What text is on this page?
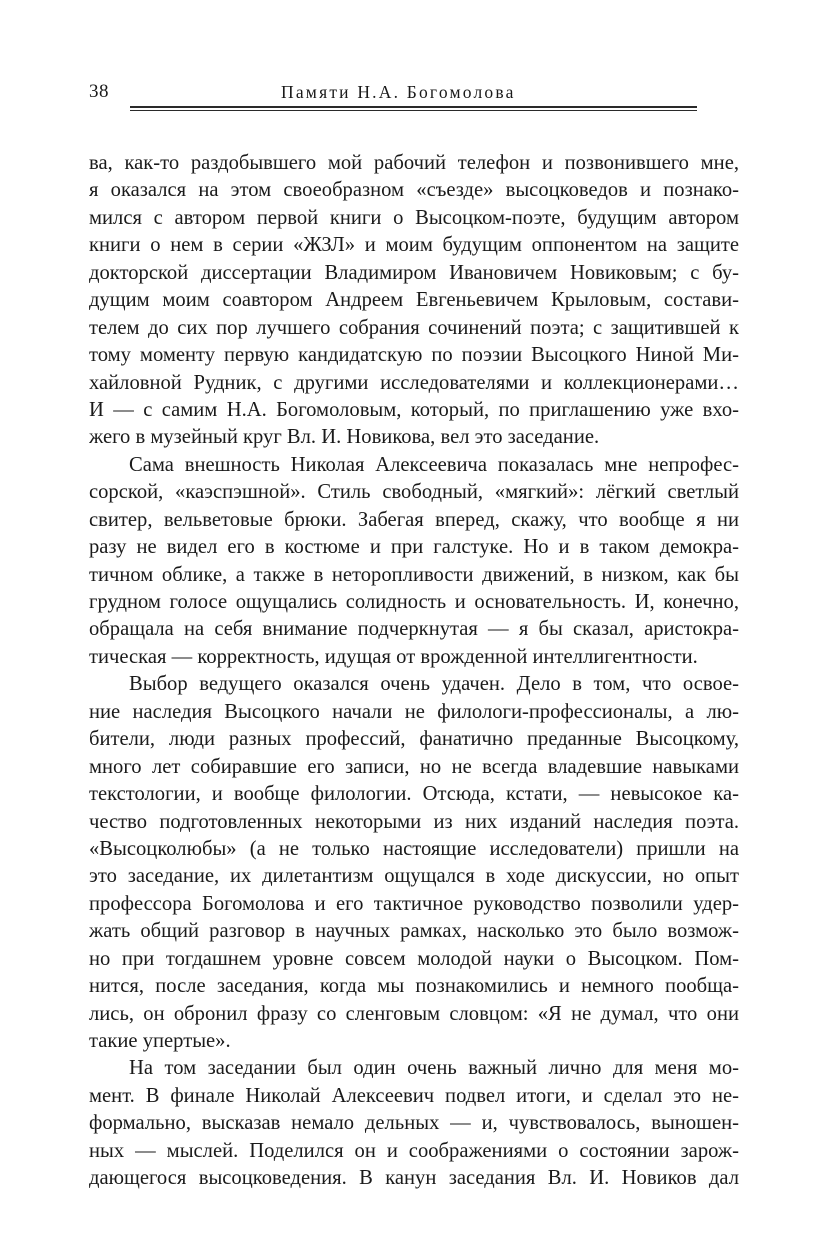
38	Памяти Н.А. Богомолова
ва, как-то раздобывшего мой рабочий телефон и позвонившего мне,
я оказался на этом своеобразном «съезде» высоцковедов и познако-
мился с автором первой книги о Высоцком-поэте, будущим автором
книги о нем в серии «ЖЗЛ» и моим будущим оппонентом на защите
докторской диссертации Владимиром Ивановичем Новиковым; с бу-
дущим моим соавтором Андреем Евгеньевичем Крыловым, состави-
телем до сих пор лучшего собрания сочинений поэта; с защитившей к
тому моменту первую кандидатскую по поэзии Высоцкого Ниной Ми-
хайловной Рудник, с другими исследователями и коллекционерами…
И — с самим Н.А. Богомоловым, который, по приглашению уже вхо-
жего в музейный круг Вл. И. Новикова, вел это заседание.
Сама внешность Николая Алексеевича показалась мне непрофес-
сорской, «каэспэшной». Стиль свободный, «мягкий»: лёгкий светлый
свитер, вельветовые брюки. Забегая вперед, скажу, что вообще я ни
разу не видел его в костюме и при галстуке. Но и в таком демокра-
тичном облике, а также в неторопливости движений, в низком, как бы
грудном голосе ощущались солидность и основательность. И, конечно,
обращала на себя внимание подчеркнутая — я бы сказал, аристокра-
тическая — корректность, идущая от врожденной интеллигентности.
Выбор ведущего оказался очень удачен. Дело в том, что освое-
ние наследия Высоцкого начали не филологи-профессионалы, а лю-
бители, люди разных профессий, фанатично преданные Высоцкому,
много лет собиравшие его записи, но не всегда владевшие навыками
текстологии, и вообще филологии. Отсюда, кстати, — невысокое ка-
чество подготовленных некоторыми из них изданий наследия поэта.
«Высоцколюбы» (а не только настоящие исследователи) пришли на
это заседание, их дилетантизм ощущался в ходе дискуссии, но опыт
профессора Богомолова и его тактичное руководство позволили удер-
жать общий разговор в научных рамках, насколько это было возмож-
но при тогдашнем уровне совсем молодой науки о Высоцком. Пом-
нится, после заседания, когда мы познакомились и немного пообща-
лись, он обронил фразу со сленговым словцом: «Я не думал, что они
такие упертые».
На том заседании был один очень важный лично для меня мо-
мент. В финале Николай Алексеевич подвел итоги, и сделал это не-
формально, высказав немало дельных — и, чувствовалось, выношен-
ных — мыслей. Поделился он и соображениями о состоянии зарож-
дающегося высоцковедения. В канун заседания Вл. И. Новиков дал
